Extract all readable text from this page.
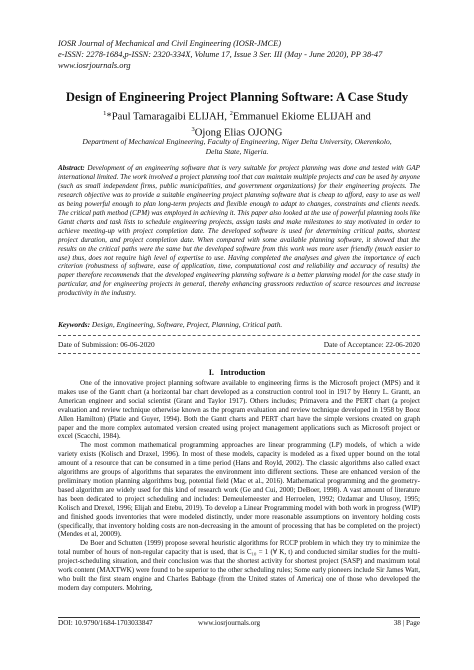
IOSR Journal of Mechanical and Civil Engineering (IOSR-JMCE)
e-ISSN: 2278-1684,p-ISSN: 2320-334X, Volume 17, Issue 3 Ser. III (May - June 2020), PP 38-47
www.iosrjournals.org
Design of Engineering Project Planning Software: A Case Study
$^1$*Paul Tamaragaibi ELIJAH, $^2$Emmanuel Ekiome ELIJAH and
$^3$Ojong Elias OJONG
Department of Mechanical Engineering, Faculty of Engineering, Niger Delta University, Okerenkolo,
Delta State, Nigeria.
Abstract: Development of an engineering software that is very suitable for project planning was done and tested with GAP international limited. The work involved a project planning tool that can maintain multiple projects and can be used by anyone (such as small independent firms, public municipalities, and government organizations) for their engineering projects. The research objective was to provide a suitable engineering project planning software that is cheap to afford, easy to use as well as being powerful enough to plan long-term projects and flexible enough to adapt to changes, constraints and clients needs. The critical path method (CPM) was employed in achieving it. This paper also looked at the use of powerful planning tools like Gantt charts and task lists to schedule engineering projects, assign tasks and make milestones to stay motivated in order to achieve meeting-up with project completion date. The developed software is used for determining critical paths, shortest project duration, and project completion date. When compared with some available planning software, it showed that the results on the critical paths were the same but the developed software from this work was more user friendly (much easier to use) thus, does not require high level of expertise to use. Having completed the analyses and given the importance of each criterion (robustness of software, ease of application, time, computational cost and reliability and accuracy of results) the paper therefore recommends that the developed engineering planning software is a better planning model for the case study in particular, and for engineering projects in general, thereby enhancing grassroots reduction of scarce resources and increase productivity in the industry.
Keywords: Design, Engineering, Software, Project, Planning, Critical path.
Date of Submission: 06-06-2020	Date of Acceptance: 22-06-2020
I. Introduction

One of the innovative project planning software available to engineering firms is the Microsoft project (MPS) and it makes use of the Gantt chart (a horizontal bar chart developed as a construction control tool in 1917 by Henry L. Grantt, an American engineer and social scientist (Grant and Taylor 1917). Others includes; Primavera and the PERT chart (a project evaluation and review technique otherwise known as the program evaluation and review technique developed in 1958 by Booz Allen Hamilton) (Platie and Guyer, 1994). Both the Gantt charts and PERT chart have the simple versions created on graph paper and the more complex automated version created using project management applications such as Microsoft project or excel (Scacchi, 1984).

The most common mathematical programming approaches are linear programming (LP) models, of which a wide variety exists (Kolisch and Draxel, 1996). In most of these models, capacity is modeled as a fixed upper bound on the total amount of a resource that can be consumed in a time period (Hans and Royld, 2002). The classic algorithms also called exact algorithms are groups of algorithms that separates the environment into different sections. These are enhanced version of the preliminary motion planning algorithms bug, potential field (Mac et al., 2016). Mathematical programming and the geometry-based algorithm are widely used for this kind of research work (Ge and Cui, 2000; DeBoer, 1998). A vast amount of literature has been dedicated to project scheduling and includes: Demeulemeester and Herroelen, 1992; Ozdamar and Ulusoy, 1995; Kolisch and Drexel, 1996; Elijah and Etebu, 2019). To develop a Linear Programming model with both work in progress (WIP) and finished goods inventories that were modeled distinctly, under more reasonable assumptions on inventory holding costs (specifically, that inventory holding costs are non-decreasing in the amount of processing that has be completed on the project) (Mendes et al, 20009).

De Boer and Schutten (1999) propose several heuristic algorithms for RCCP problem in which they try to minimize the total number of hours of non-regular capacity that is used, that is C₁₀ = 1 (∀ K, t) and conducted similar studies for the multi-project-scheduling situation, and their conclusion was that the shortest activity for shortest project (SASP) and maximum total work content (MAXTWK) were found to be superior to the other scheduling rules; Some early pioneers include Sir James Watt, who built the first steam engine and Charles Babbage (from the United states of America) one of those who developed the modern day computers. Mohring,

DOI: 10.9790/1684-1703033847	www.iosrjournals.org	38 | Page
